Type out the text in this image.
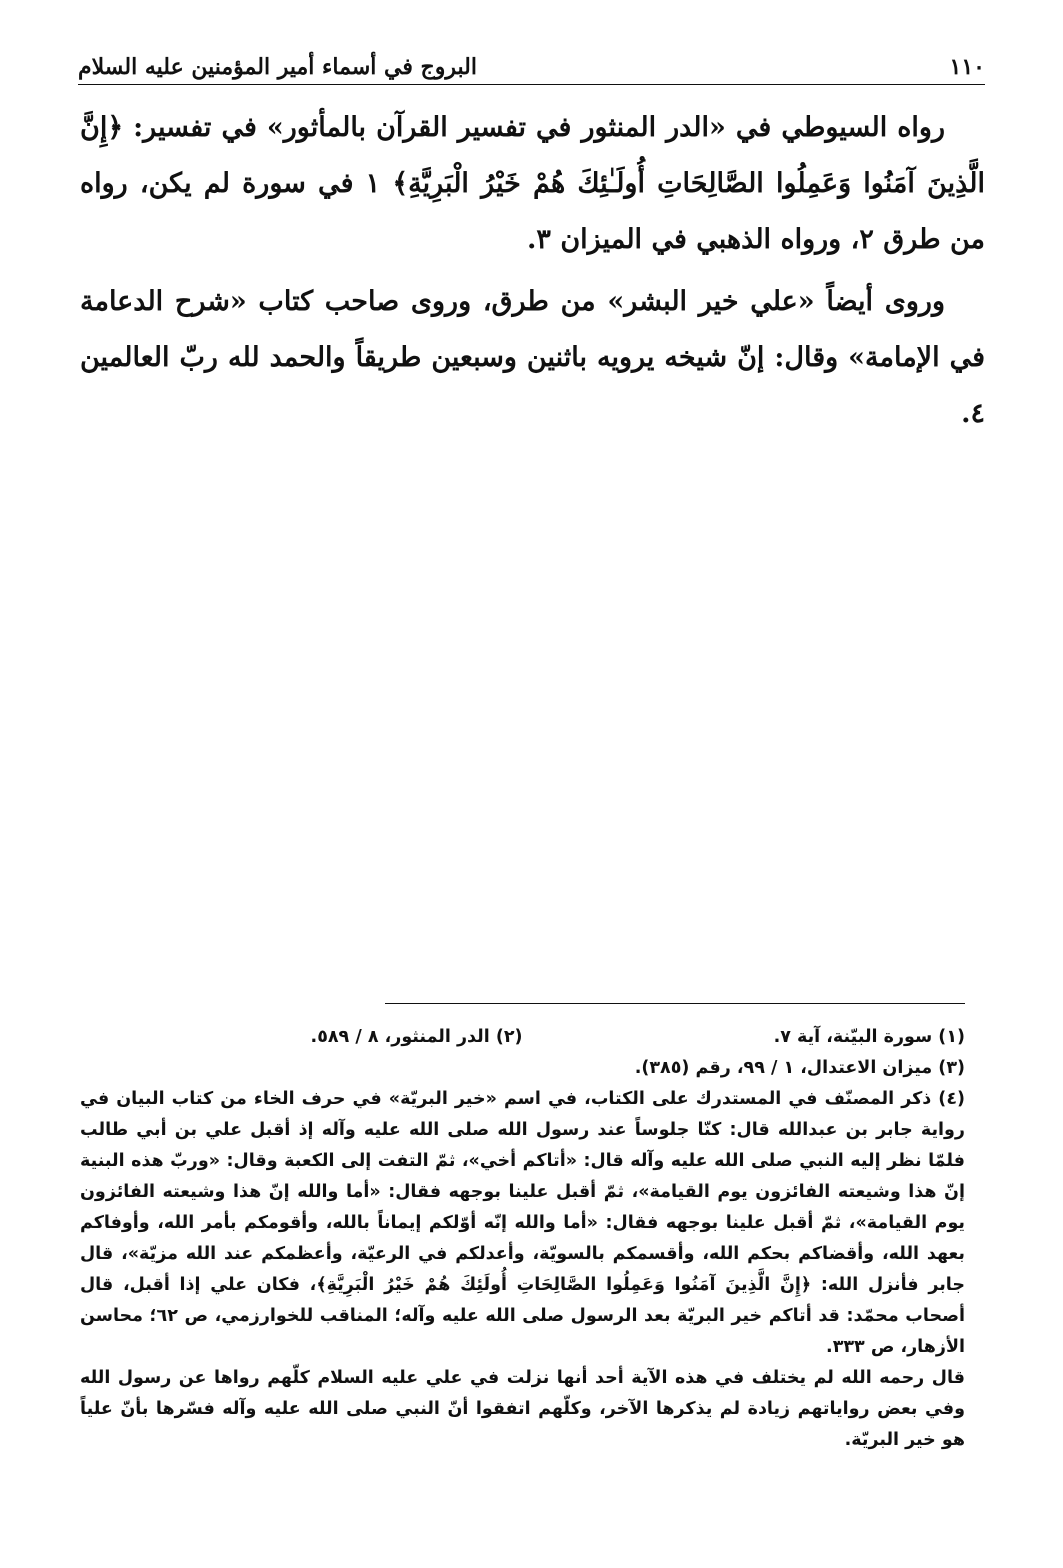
١١٠
البروج في أسماء أمير المؤمنين عليه السلام

رواه السيوطي في «الدر المنثور في تفسير القرآن بالمأثور» في تفسير: ﴿إِنَّ الَّذِينَ آمَنُوا وَعَمِلُوا الصَّالِحَاتِ أُولَـٰئِكَ هُمْ خَيْرُ الْبَرِيَّةِ﴾ ١ في سورة لم يكن، رواه من طرق ٢، ورواه الذهبي في الميزان ٣.

وروى أيضاً «علي خير البشر» من طرق، وروى صاحب كتاب «شرح الدعامة في الإمامة» وقال: إنّ شيخه يرويه باثنين وسبعين طريقاً والحمد لله ربّ العالمين ٤.

(١) سورة البيّنة، آية ٧.
(٢) الدر المنثور، ٨ / ٥٨٩.

(٣) ميزان الاعتدال، ١ / ٩٩، رقم (٣٨٥).

(٤) ذكر المصنّف في المستدرك على الكتاب، في اسم «خير البريّة» في حرف الخاء من كتاب البيان في رواية جابر بن عبدالله قال: كنّا جلوساً عند رسول الله صلى الله عليه وآله إذ أقبل علي بن أبي طالب فلمّا نظر إليه النبي صلى الله عليه وآله قال: «أتاكم أخي»، ثمّ التفت إلى الكعبة وقال: «وربّ هذه البنية إنّ هذا وشيعته الفائزون يوم القيامة»، ثمّ أقبل علينا بوجهه فقال: «أما والله إنّ هذا وشيعته الفائزون يوم القيامة»، ثمّ أقبل علينا بوجهه فقال: «أما والله إنّه أوّلكم إيماناً بالله، وأقومكم بأمر الله، وأوفاكم بعهد الله، وأقضاكم بحكم الله، وأقسمكم بالسويّة، وأعدلكم في الرعيّة، وأعظمكم عند الله مزيّة»، قال جابر فأنزل الله: ﴿إِنَّ الَّذِينَ آمَنُوا وَعَمِلُوا الصَّالِحَاتِ أُولَئِكَ هُمْ خَيْرُ الْبَرِيَّةِ﴾، فكان علي إذا أقبل، قال أصحاب محمّد: قد أتاكم خير البريّة بعد الرسول صلى الله عليه وآله؛ المناقب للخوارزمي، ص ٦٢؛ محاسن الأزهار، ص ٣٣٣.

قال رحمه الله لم يختلف في هذه الآية أحد أنها نزلت في علي عليه السلام كلّهم رواها عن رسول الله وفي بعض رواياتهم زيادة لم يذكرها الآخر، وكلّهم اتفقوا أنّ النبي صلى الله عليه وآله فسّرها بأنّ علياً هو خير البريّة.
